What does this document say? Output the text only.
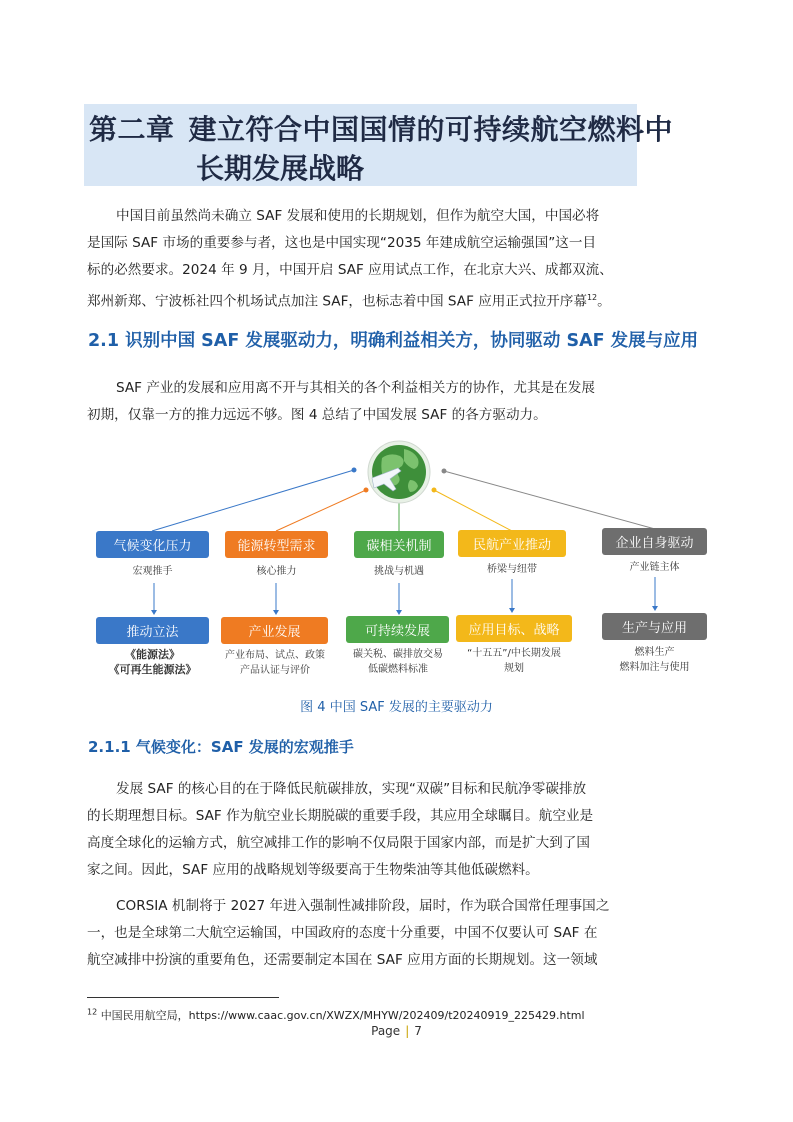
第二章 建立符合中国国情的可持续航空燃料中
长期发展战略
中国目前虽然尚未确立 SAF 发展和使用的长期规划，但作为航空大国，中国必将
是国际 SAF 市场的重要参与者，这也是中国实现“2035 年建成航空运输强国”这一目
标的必然要求。2024 年 9 月，中国开启 SAF 应用试点工作，在北京大兴、成都双流、
郑州新郑、宁波栎社四个机场试点加注 SAF，也标志着中国 SAF 应用正式拉开序幕$^{12}$。
2.1 识别中国 SAF 发展驱动力，明确利益相关方，协同驱动 SAF 发展与应用
SAF 产业的发展和应用离不开与其相关的各个利益相关方的协作，尤其是在发展
初期，仅靠一方的推力远远不够。图 4 总结了中国发展 SAF 的各方驱动力。
气候变化压力	能源转型需求	碳相关机制	民航产业推动	企业自身驱动
宏观推手	核心推力	挑战与机遇	桥梁与纽带	产业链主体
推动立法	产业发展	可持续发展	应用目标、战略	生产与应用
《能源法》
《可再生能源法》
产业布局、试点、政策
产品认证与评价
碳关税、碳排放交易
低碳燃料标准
“十五五”/中长期发展
规划
燃料生产
燃料加注与使用
图 4 中国 SAF 发展的主要驱动力
2.1.1 气候变化：SAF 发展的宏观推手
发展 SAF 的核心目的在于降低民航碳排放，实现“双碳”目标和民航净零碳排放
的长期理想目标。SAF 作为航空业长期脱碳的重要手段，其应用全球瞩目。航空业是
高度全球化的运输方式，航空减排工作的影响不仅局限于国家内部，而是扩大到了国
家之间。因此，SAF 应用的战略规划等级要高于生物柴油等其他低碳燃料。
CORSIA 机制将于 2027 年进入强制性减排阶段，届时，作为联合国常任理事国之
一，也是全球第二大航空运输国，中国政府的态度十分重要，中国不仅要认可 SAF 在
航空减排中扮演的重要角色，还需要制定本国在 SAF 应用方面的长期规划。这一领域
$^{12}$ 中国民用航空局，https://www.caac.gov.cn/XWZX/MHYW/202409/t20240919_225429.html
Page | 7
